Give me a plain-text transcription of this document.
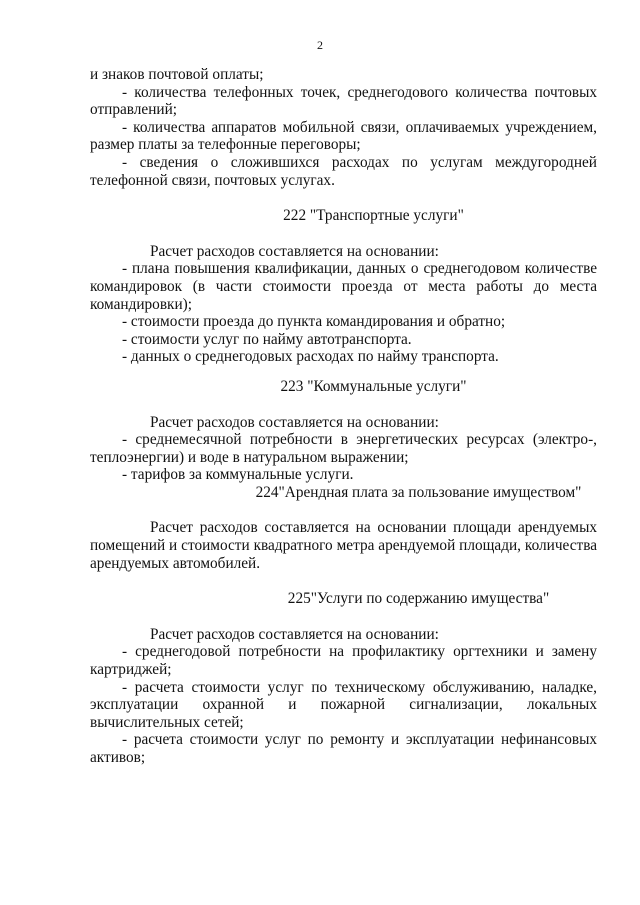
2

и знаков почтовой оплаты;

- количества телефонных точек, среднегодового количества почтовых отправлений;

- количества аппаратов мобильной связи, оплачиваемых учреждением, размер платы за телефонные переговоры;

- сведения о сложившихся расходах по услугам междугородней телефонной связи, почтовых услугах.

222 "Транспортные услуги"

Расчет расходов составляется на основании:

- плана повышения квалификации, данных о среднегодовом количестве командировок (в части стоимости проезда от места работы до места командировки);

- стоимости проезда до пункта командирования и обратно;

- стоимости услуг по найму автотранспорта.

- данных о среднегодовых расходах по найму транспорта.

223 "Коммунальные услуги"

Расчет расходов составляется на основании:

- среднемесячной потребности в энергетических ресурсах (электро-, теплоэнергии) и воде в натуральном выражении;

- тарифов за коммунальные услуги.

224"Арендная плата за пользование имуществом"

Расчет расходов составляется на основании площади арендуемых помещений и стоимости квадратного метра арендуемой площади, количества арендуемых автомобилей.

225"Услуги по содержанию имущества"

Расчет расходов составляется на основании:

- среднегодовой потребности на профилактику оргтехники и замену картриджей;

- расчета стоимости услуг по техническому обслуживанию, наладке, эксплуатации охранной и пожарной сигнализации, локальных вычислительных сетей;

- расчета стоимости услуг по ремонту и эксплуатации нефинансовых активов;
